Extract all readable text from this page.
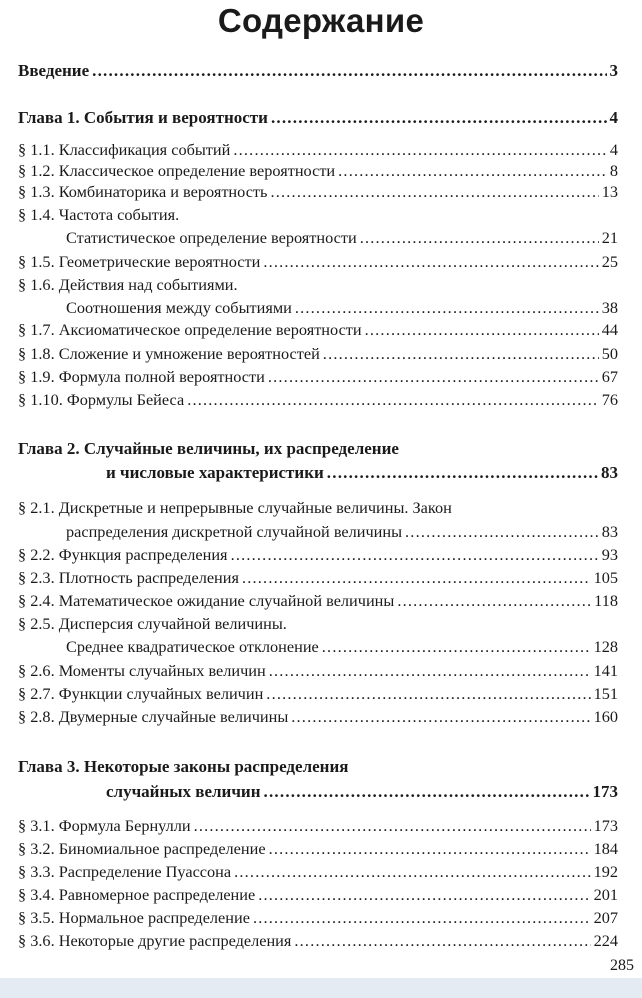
Содержание
Введение .....	3
Глава 1. События и вероятности .....	4
§ 1.1. Классификация событий .....	4
§ 1.2. Классическое определение вероятности .....	8
§ 1.3. Комбинаторика и вероятность .....	13
§ 1.4. Частота события.
Статистическое определение вероятности .....	21
§ 1.5. Геометрические вероятности .....	25
§ 1.6. Действия над событиями.
Соотношения между событиями .....	38
§ 1.7. Аксиоматическое определение вероятности .....	44
§ 1.8. Сложение и умножение вероятностей .....	50
§ 1.9. Формула полной вероятности .....	67
§ 1.10. Формулы Бейеса .....	76
Глава 2. Случайные величины, их распределение
и числовые характеристики .....	83
§ 2.1. Дискретные и непрерывные случайные величины. Закон
распределения дискретной случайной величины .....	83
§ 2.2. Функция распределения .....	93
§ 2.3. Плотность распределения .....	105
§ 2.4. Математическое ожидание случайной величины .....	118
§ 2.5. Дисперсия случайной величины.
Среднее квадратическое отклонение .....	128
§ 2.6. Моменты случайных величин .....	141
§ 2.7. Функции случайных величин .....	151
§ 2.8. Двумерные случайные величины .....	160
Глава 3. Некоторые законы распределения
случайных величин .....	173
§ 3.1. Формула Бернулли .....	173
§ 3.2. Биномиальное распределение .....	184
§ 3.3. Распределение Пуассона .....	192
§ 3.4. Равномерное распределение .....	201
§ 3.5. Нормальное распределение .....	207
§ 3.6. Некоторые другие распределения .....	224
285
